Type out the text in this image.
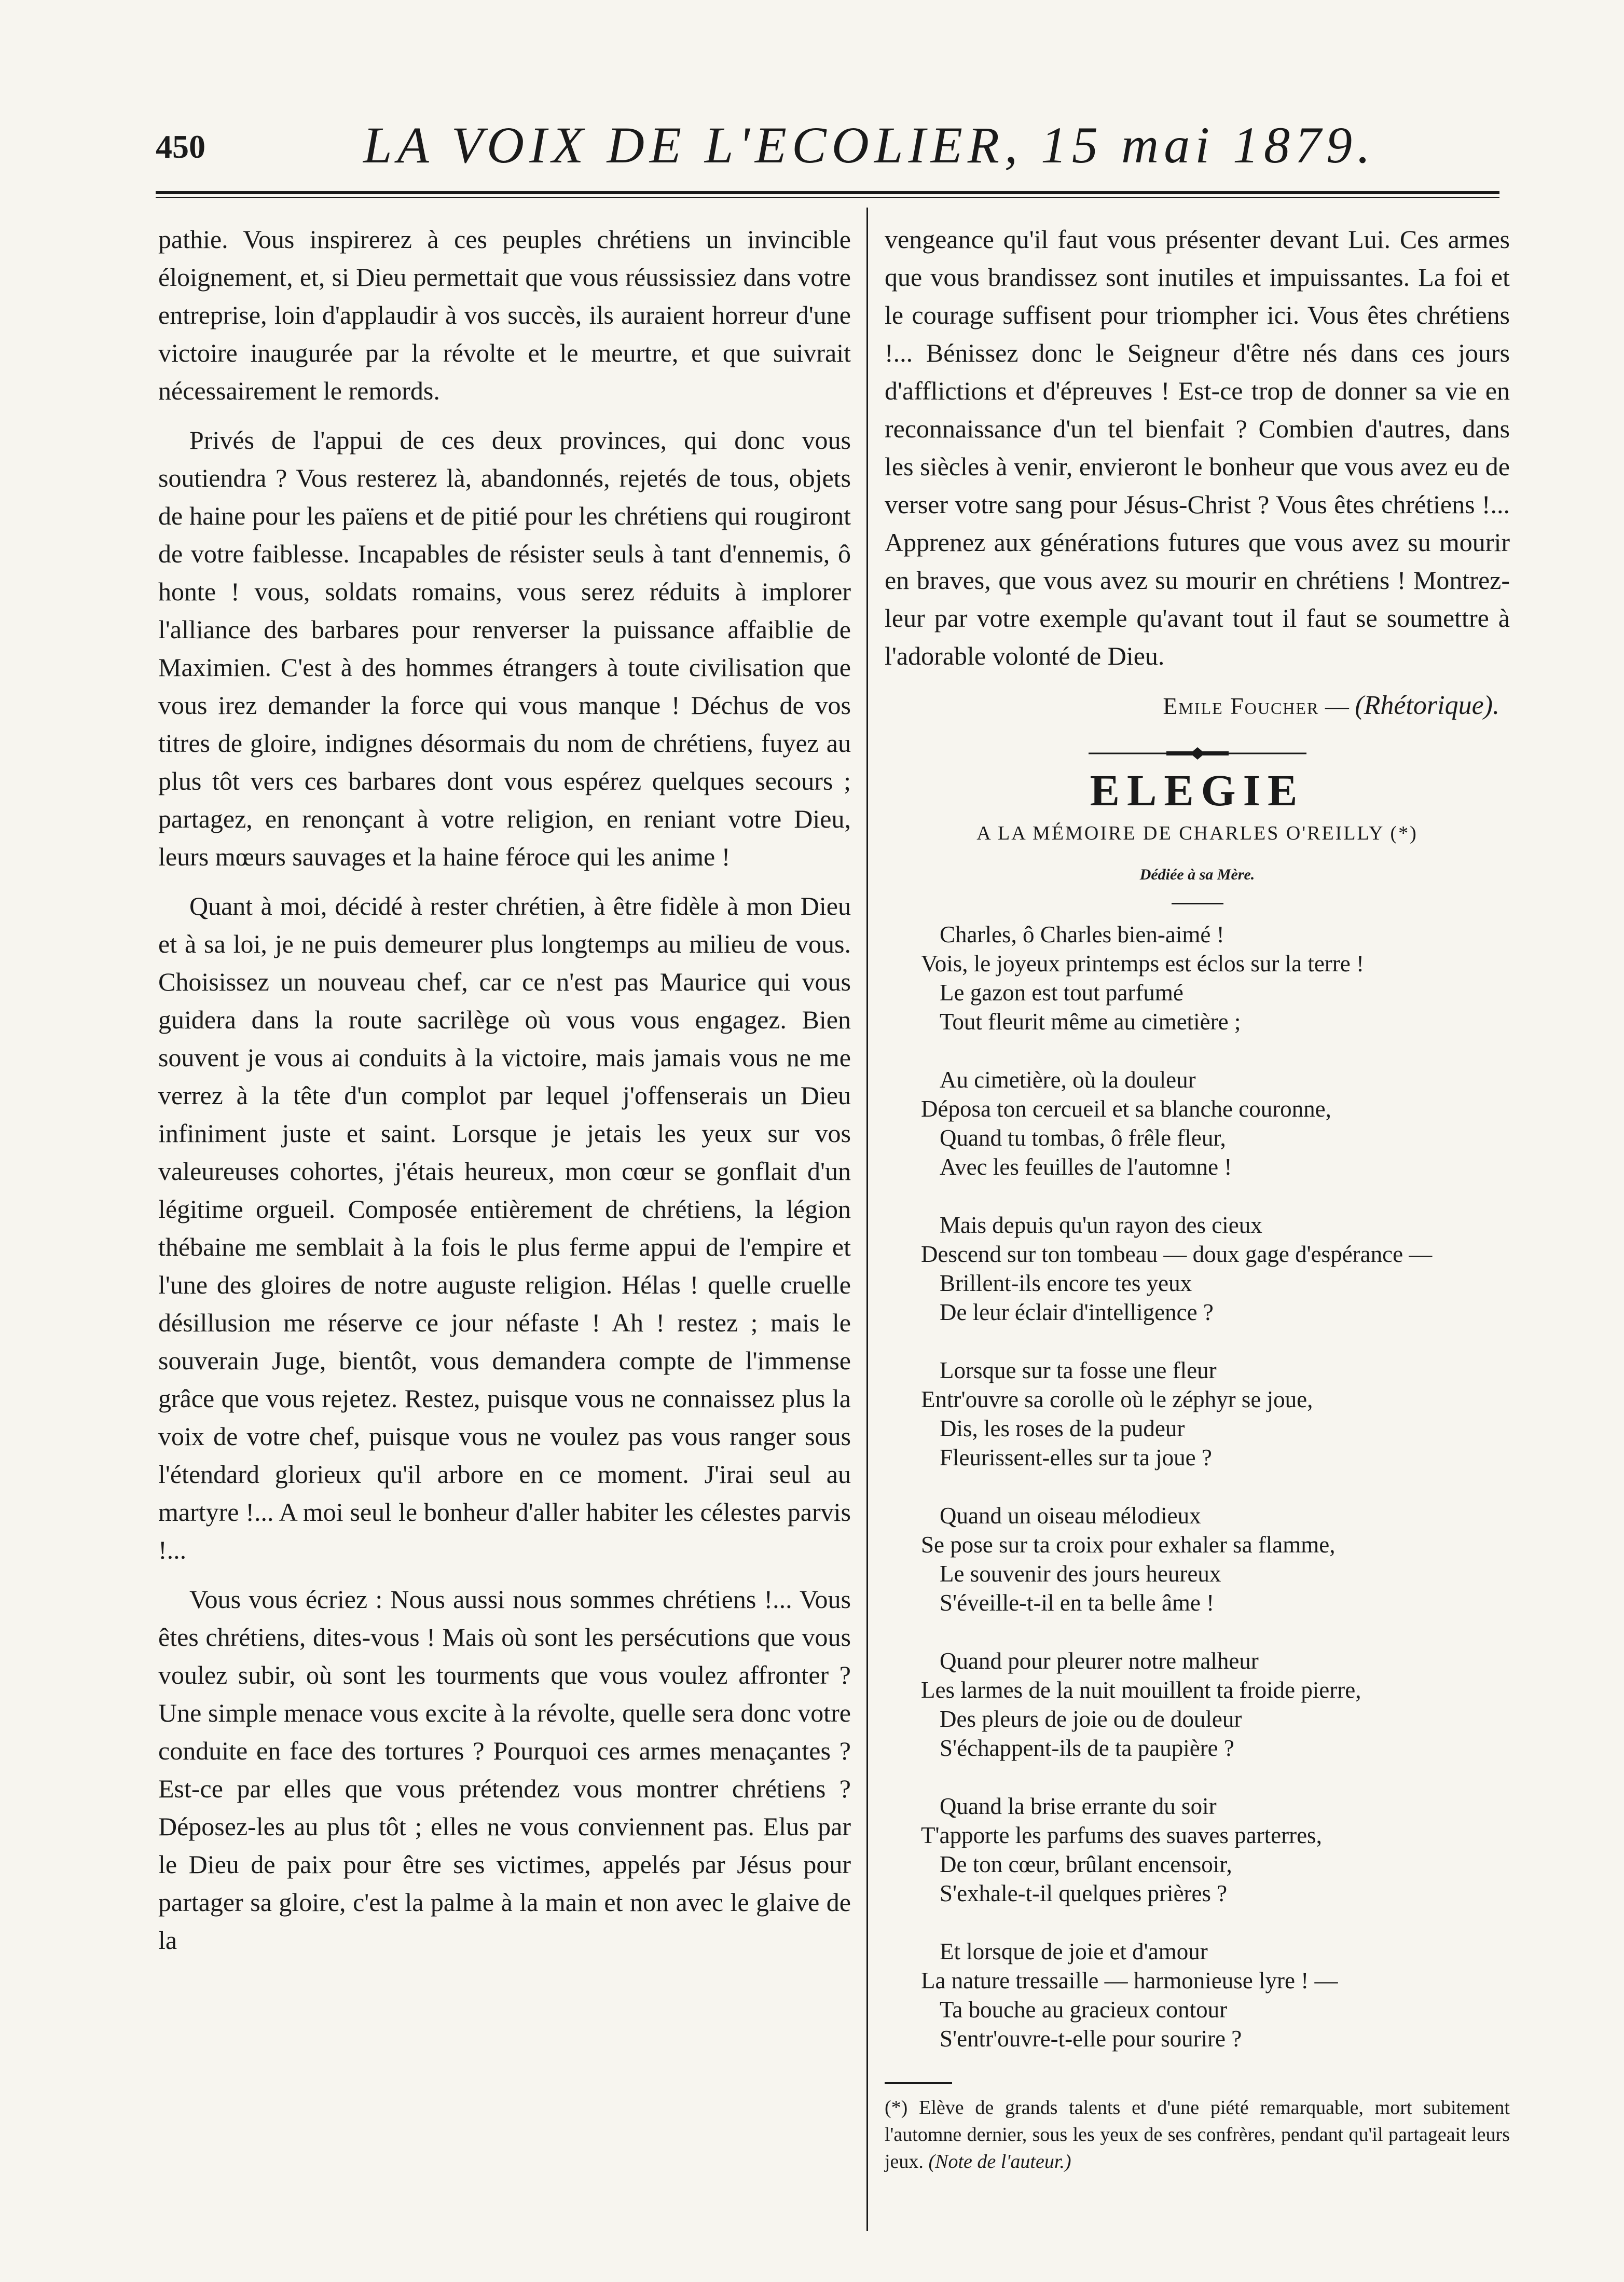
450	LA VOIX DE L'ECOLIER, 15 mai 1879.

pathie. Vous inspirerez à ces peuples chrétiens un invincible éloignement, et, si Dieu permettait que vous réussissiez dans votre entreprise, loin d'applaudir à vos succès, ils auraient horreur d'une victoire inaugurée par la révolte et le meurtre, et que suivrait nécessairement le remords.

Privés de l'appui de ces deux provinces, qui donc vous soutiendra ? Vous resterez là, abandonnés, rejetés de tous, objets de haine pour les païens et de pitié pour les chrétiens qui rougiront de votre faiblesse. Incapables de résister seuls à tant d'ennemis, ô honte ! vous, soldats romains, vous serez réduits à implorer l'alliance des barbares pour renverser la puissance affaiblie de Maximien. C'est à des hommes étrangers à toute civilisation que vous irez demander la force qui vous manque ! Déchus de vos titres de gloire, indignes désormais du nom de chrétiens, fuyez au plus tôt vers ces barbares dont vous espérez quelques secours ; partagez, en renonçant à votre religion, en reniant votre Dieu, leurs mœurs sauvages et la haine féroce qui les anime !

Quant à moi, décidé à rester chrétien, à être fidèle à mon Dieu et à sa loi, je ne puis demeurer plus longtemps au milieu de vous. Choisissez un nouveau chef, car ce n'est pas Maurice qui vous guidera dans la route sacrilège où vous vous engagez. Bien souvent je vous ai conduits à la victoire, mais jamais vous ne me verrez à la tête d'un complot par lequel j'offenserais un Dieu infiniment juste et saint. Lorsque je jetais les yeux sur vos valeureuses cohortes, j'étais heureux, mon cœur se gonflait d'un légitime orgueil. Composée entièrement de chrétiens, la légion thébaine me semblait à la fois le plus ferme appui de l'empire et l'une des gloires de notre auguste religion. Hélas ! quelle cruelle désillusion me réserve ce jour néfaste ! Ah ! restez ; mais le souverain Juge, bientôt, vous demandera compte de l'immense grâce que vous rejetez. Restez, puisque vous ne connaissez plus la voix de votre chef, puisque vous ne voulez pas vous ranger sous l'étendard glorieux qu'il arbore en ce moment. J'irai seul au martyre !... A moi seul le bonheur d'aller habiter les célestes parvis !...

Vous vous écriez : Nous aussi nous sommes chrétiens !... Vous êtes chrétiens, dites-vous ! Mais où sont les persécutions que vous voulez subir, où sont les tourments que vous voulez affronter ? Une simple menace vous excite à la révolte, quelle sera donc votre conduite en face des tortures ? Pourquoi ces armes menaçantes ? Est-ce par elles que vous prétendez vous montrer chrétiens ? Déposez-les au plus tôt ; elles ne vous conviennent pas. Elus par le Dieu de paix pour être ses victimes, appelés par Jésus pour partager sa gloire, c'est la palme à la main et non avec le glaive de la

vengeance qu'il faut vous présenter devant Lui. Ces armes que vous brandissez sont inutiles et impuissantes. La foi et le courage suffisent pour triompher ici. Vous êtes chrétiens !... Bénissez donc le Seigneur d'être nés dans ces jours d'afflictions et d'épreuves ! Est-ce trop de donner sa vie en reconnaissance d'un tel bienfait ? Combien d'autres, dans les siècles à venir, envieront le bonheur que vous avez eu de verser votre sang pour Jésus-Christ ? Vous êtes chrétiens !... Apprenez aux générations futures que vous avez su mourir en braves, que vous avez su mourir en chrétiens ! Montrez-leur par votre exemple qu'avant tout il faut se soumettre à l'adorable volonté de Dieu.

Emile Foucher — (Rhétorique).
ELEGIE
A LA MÉMOIRE DE CHARLES O'REILLY (*)
Dédiée à sa Mère.
Charles, ô Charles bien-aimé !
Vois, le joyeux printemps est éclos sur la terre !
Le gazon est tout parfumé
Tout fleurit même au cimetière ;
Au cimetière, où la douleur
Déposa ton cercueil et sa blanche couronne,
Quand tu tombas, ô frêle fleur,
Avec les feuilles de l'automne !
Mais depuis qu'un rayon des cieux
Descend sur ton tombeau — doux gage d'espérance —
Brillent-ils encore tes yeux
De leur éclair d'intelligence ?
Lorsque sur ta fosse une fleur
Entr'ouvre sa corolle où le zéphyr se joue,
Dis, les roses de la pudeur
Fleurissent-elles sur ta joue ?
Quand un oiseau mélodieux
Se pose sur ta croix pour exhaler sa flamme,
Le souvenir des jours heureux
S'éveille-t-il en ta belle âme !
Quand pour pleurer notre malheur
Les larmes de la nuit mouillent ta froide pierre,
Des pleurs de joie ou de douleur
S'échappent-ils de ta paupière ?
Quand la brise errante du soir
T'apporte les parfums des suaves parterres,
De ton cœur, brûlant encensoir,
S'exhale-t-il quelques prières ?
Et lorsque de joie et d'amour
La nature tressaille — harmonieuse lyre ! —
Ta bouche au gracieux contour
S'entr'ouvre-t-elle pour sourire ?
(*) Elève de grands talents et d'une piété remarquable, mort subitement l'automne dernier, sous les yeux de ses confrères, pendant qu'il partageait leurs jeux. (Note de l'auteur.)
